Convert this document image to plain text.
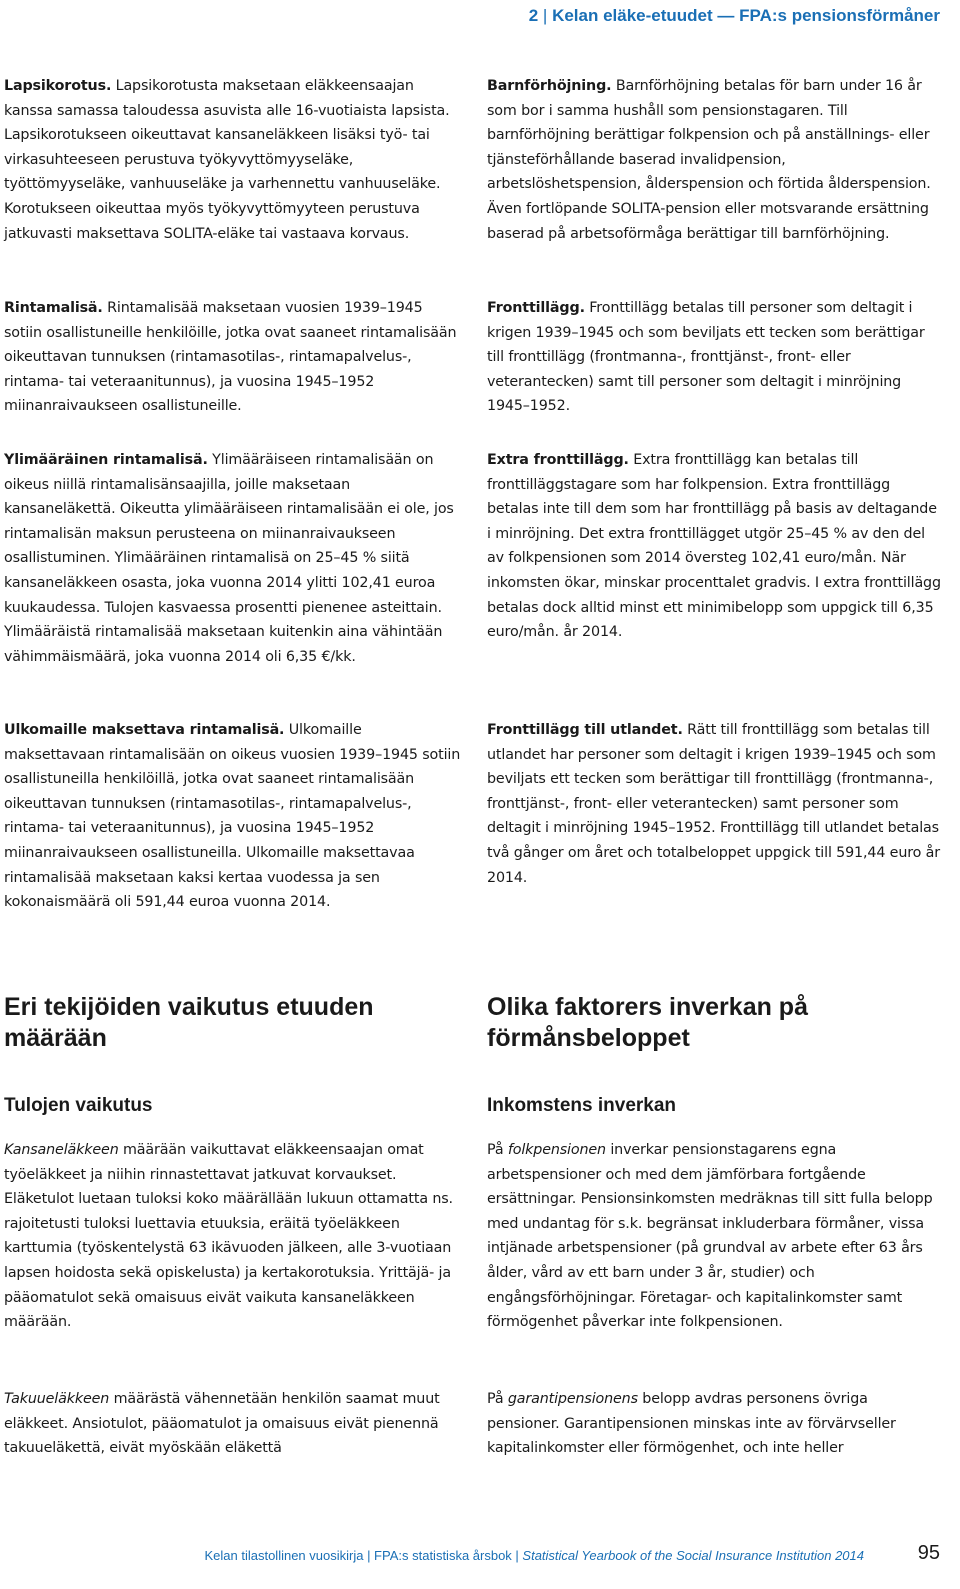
2 | Kelan eläke-etuudet — FPA:s pensionsförmåner

Lapsikorotus. Lapsikorotusta maksetaan eläkkeensaajan kanssa samassa taloudessa asuvista alle 16-vuotiaista lapsista. Lapsikorotukseen oikeuttavat kansaneläkkeen lisäksi työ- tai virkasuhteeseen perustuva työkyvyttömyyseläke, työttömyyseläke, vanhuuseläke ja varhennettu vanhuuseläke. Korotukseen oikeuttaa myös työkyvyttömyyteen perustuva jatkuvasti maksettava SOLITA-eläke tai vastaava korvaus.

Rintamalisä. Rintamalisää maksetaan vuosien 1939–1945 sotiin osallistuneille henkilöille, jotka ovat saaneet rintamalisään oikeuttavan tunnuksen (rintamasotilas-, rintamapalvelus-, rintama- tai veteraanitunnus), ja vuosina 1945–1952 miinanraivaukseen osallistuneille.

Ylimääräinen rintamalisä. Ylimääräiseen rintamalisään on oikeus niillä rintamalisänsaajilla, joille maksetaan kansaneläkettä. Oikeutta ylimääräiseen rintamalisään ei ole, jos rintamalisän maksun perusteena on miinanraivaukseen osallistuminen. Ylimääräinen rintamalisä on 25–45 % siitä kansaneläkkeen osasta, joka vuonna 2014 ylitti 102,41 euroa kuukaudessa. Tulojen kasvaessa prosentti pienenee asteittain. Ylimääräistä rintamalisää maksetaan kuitenkin aina vähintään vähimmäismäärä, joka vuonna 2014 oli 6,35 €/kk.

Ulkomaille maksettava rintamalisä. Ulkomaille maksettavaan rintamalisään on oikeus vuosien 1939–1945 sotiin osallistuneilla henkilöillä, jotka ovat saaneet rintamalisään oikeuttavan tunnuksen (rintamasotilas-, rintamapalvelus-, rintama- tai veteraanitunnus), ja vuosina 1945–1952 miinanraivaukseen osallistuneilla. Ulkomaille maksettavaa rintamalisää maksetaan kaksi kertaa vuodessa ja sen kokonaismäärä oli 591,44 euroa vuonna 2014.

Eri tekijöiden vaikutus etuuden määrään
Tulojen vaikutus

Kansaneläkkeen määrään vaikuttavat eläkkeensaajan omat työeläkkeet ja niihin rinnastettavat jatkuvat korvaukset. Eläketulot luetaan tuloksi koko määrällään lukuun ottamatta ns. rajoitetusti tuloksi luettavia etuuksia, eräitä työeläkkeen karttumia (työskentelystä 63 ikävuoden jälkeen, alle 3-vuotiaan lapsen hoidosta sekä opiskelusta) ja kertakorotuksia. Yrittäjä- ja pääomatulot sekä omaisuus eivät vaikuta kansaneläkkeen määrään.

Takuueläkkeen määrästä vähennetään henkilön saamat muut eläkkeet. Ansiotulot, pääomatulot ja omaisuus eivät pienennä takuueläkettä, eivät myöskään eläkettä

Barnförhöjning. Barnförhöjning betalas för barn under 16 år som bor i samma hushåll som pensionstagaren. Till barnförhöjning berättigar folkpension och på anställnings- eller tjänsteförhållande baserad invalidpension, arbetslöshetspension, ålderspension och förtida ålderspension. Även fortlöpande SOLITA-pension eller motsvarande ersättning baserad på arbetsoförmåga berättigar till barnförhöjning.

Fronttillägg. Fronttillägg betalas till personer som deltagit i krigen 1939–1945 och som beviljats ett tecken som berättigar till fronttillägg (frontmanna-, fronttjänst-, front- eller veterantecken) samt till personer som deltagit i minröjning 1945–1952.

Extra fronttillägg. Extra fronttillägg kan betalas till fronttilläggstagare som har folkpension. Extra fronttillägg betalas inte till dem som har fronttillägg på basis av deltagande i minröjning. Det extra fronttillägget utgör 25–45 % av den del av folkpensionen som 2014 översteg 102,41 euro/mån. När inkomsten ökar, minskar procenttalet gradvis. I extra fronttillägg betalas dock alltid minst ett minimibelopp som uppgick till 6,35 euro/mån. år 2014.

Fronttillägg till utlandet. Rätt till fronttillägg som betalas till utlandet har personer som deltagit i krigen 1939–1945 och som beviljats ett tecken som berättigar till fronttillägg (frontmanna-, fronttjänst-, front- eller veterantecken) samt personer som deltagit i minröjning 1945–1952. Fronttillägg till utlandet betalas två gånger om året och totalbeloppet uppgick till 591,44 euro år 2014.

Olika faktorers inverkan på förmånsbeloppet
Inkomstens inverkan

På folkpensionen inverkar pensionstagarens egna arbetspensioner och med dem jämförbara fortgående ersättningar. Pensionsinkomsten medräknas till sitt fulla belopp med undantag för s.k. begränsat inkluderbara förmåner, vissa intjänade arbetspensioner (på grundval av arbete efter 63 års ålder, vård av ett barn under 3 år, studier) och engångsförhöjningar. Företagar- och kapitalinkomster samt förmögenhet påverkar inte folkpensionen.

På garantipensionens belopp avdras personens övriga pensioner. Garantipensionen minskas inte av förvärvseller kapitalinkomster eller förmögenhet, och inte heller

Kelan tilastollinen vuosikirja | FPA:s statistiska årsbok | Statistical Yearbook of the Social Insurance Institution 2014	95
